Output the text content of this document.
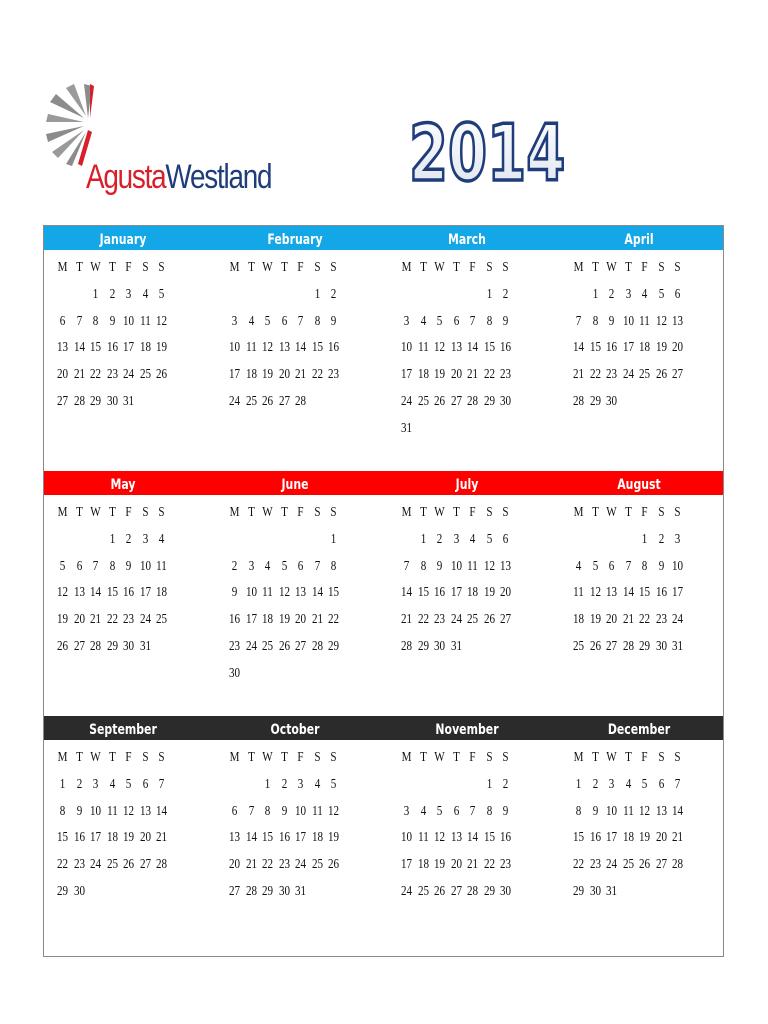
AgustaWestland 2014
January
M T W T F S S
1 2 3 4 5
6 7 8 9 10 11 12
13 14 15 16 17 18 19
20 21 22 23 24 25 26
27 28 29 30 31
February
M T W T F S S
1 2
3 4 5 6 7 8 9
10 11 12 13 14 15 16
17 18 19 20 21 22 23
24 25 26 27 28
March
M T W T F S S
1 2
3 4 5 6 7 8 9
10 11 12 13 14 15 16
17 18 19 20 21 22 23
24 25 26 27 28 29 30
31
April
M T W T F S S
1 2 3 4 5 6
7 8 9 10 11 12 13
14 15 16 17 18 19 20
21 22 23 24 25 26 27
28 29 30
May
M T W T F S S
1 2 3 4
5 6 7 8 9 10 11
12 13 14 15 16 17 18
19 20 21 22 23 24 25
26 27 28 29 30 31
June
M T W T F S S
1
2 3 4 5 6 7 8
9 10 11 12 13 14 15
16 17 18 19 20 21 22
23 24 25 26 27 28 29
30
July
M T W T F S S
1 2 3 4 5 6
7 8 9 10 11 12 13
14 15 16 17 18 19 20
21 22 23 24 25 26 27
28 29 30 31
August
M T W T F S S
1 2 3
4 5 6 7 8 9 10
11 12 13 14 15 16 17
18 19 20 21 22 23 24
25 26 27 28 29 30 31
September
M T W T F S S
1 2 3 4 5 6 7
8 9 10 11 12 13 14
15 16 17 18 19 20 21
22 23 24 25 26 27 28
29 30
October
M T W T F S S
1 2 3 4 5
6 7 8 9 10 11 12
13 14 15 16 17 18 19
20 21 22 23 24 25 26
27 28 29 30 31
November
M T W T F S S
1 2
3 4 5 6 7 8 9
10 11 12 13 14 15 16
17 18 19 20 21 22 23
24 25 26 27 28 29 30
December
M T W T F S S
1 2 3 4 5 6 7
8 9 10 11 12 13 14
15 16 17 18 19 20 21
22 23 24 25 26 27 28
29 30 31
